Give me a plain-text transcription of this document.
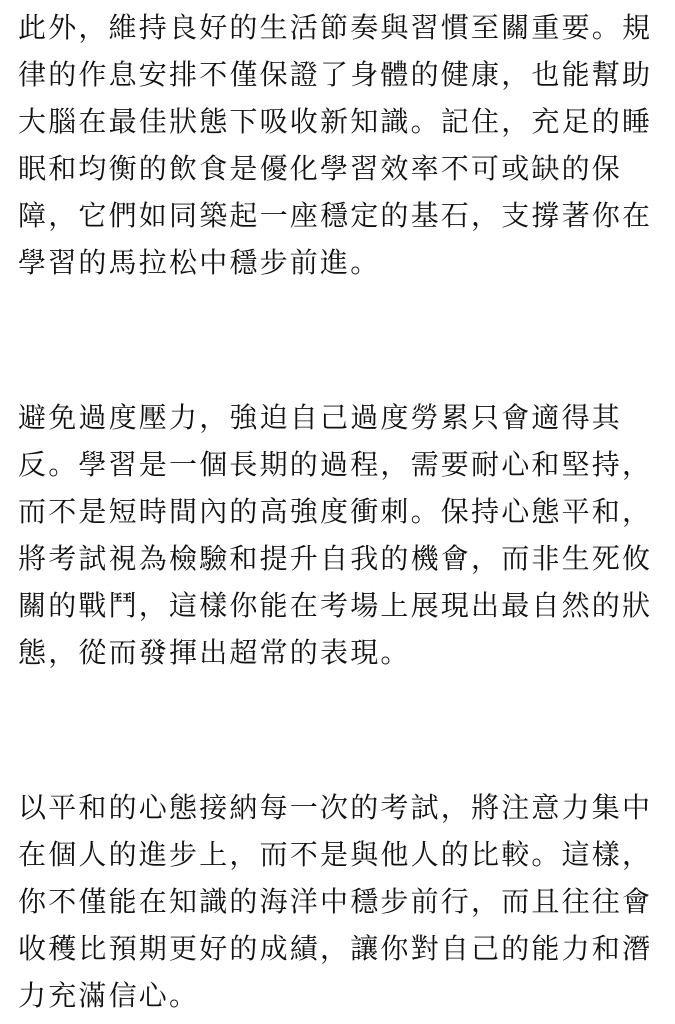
此外，維持良好的生活節奏與習慣至關重要。規
律的作息安排不僅保證了身體的健康，也能幫助
大腦在最佳狀態下吸收新知識。記住，充足的睡
眠和均衡的飲食是優化學習效率不可或缺的保
障，它們如同築起一座穩定的基石，支撐著你在
學習的馬拉松中穩步前進。

避免過度壓力，強迫自己過度勞累只會適得其
反。學習是一個長期的過程，需要耐心和堅持，
而不是短時間內的高強度衝刺。保持心態平和，
將考試視為檢驗和提升自我的機會，而非生死攸
關的戰鬥，這樣你能在考場上展現出最自然的狀
態，從而發揮出超常的表現。

以平和的心態接納每一次的考試，將注意力集中
在個人的進步上，而不是與他人的比較。這樣，
你不僅能在知識的海洋中穩步前行，而且往往會
收穫比預期更好的成績，讓你對自己的能力和潛
力充滿信心。
